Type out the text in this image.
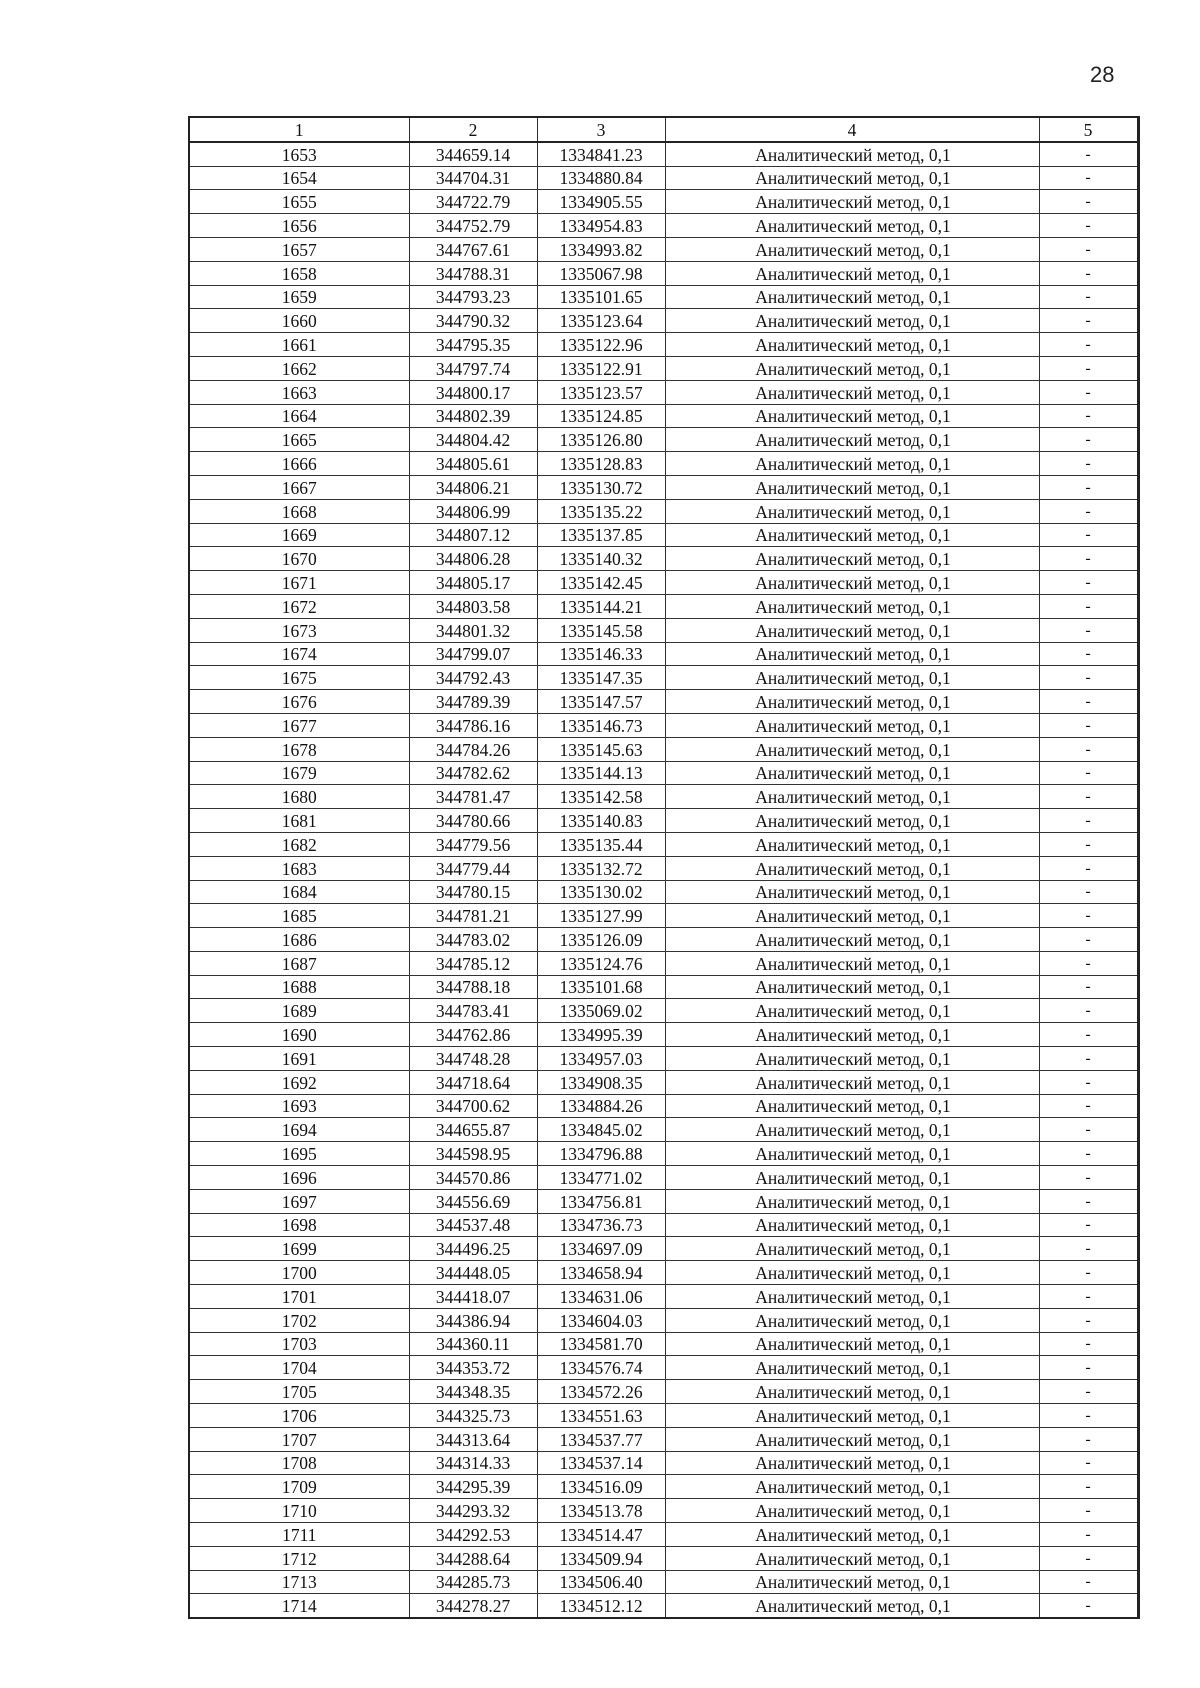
28
1	2	3	4	5
1653	344659.14	1334841.23	Аналитический метод, 0,1	-
1654	344704.31	1334880.84	Аналитический метод, 0,1	-
1655	344722.79	1334905.55	Аналитический метод, 0,1	-
1656	344752.79	1334954.83	Аналитический метод, 0,1	-
1657	344767.61	1334993.82	Аналитический метод, 0,1	-
1658	344788.31	1335067.98	Аналитический метод, 0,1	-
1659	344793.23	1335101.65	Аналитический метод, 0,1	-
1660	344790.32	1335123.64	Аналитический метод, 0,1	-
1661	344795.35	1335122.96	Аналитический метод, 0,1	-
1662	344797.74	1335122.91	Аналитический метод, 0,1	-
1663	344800.17	1335123.57	Аналитический метод, 0,1	-
1664	344802.39	1335124.85	Аналитический метод, 0,1	-
1665	344804.42	1335126.80	Аналитический метод, 0,1	-
1666	344805.61	1335128.83	Аналитический метод, 0,1	-
1667	344806.21	1335130.72	Аналитический метод, 0,1	-
1668	344806.99	1335135.22	Аналитический метод, 0,1	-
1669	344807.12	1335137.85	Аналитический метод, 0,1	-
1670	344806.28	1335140.32	Аналитический метод, 0,1	-
1671	344805.17	1335142.45	Аналитический метод, 0,1	-
1672	344803.58	1335144.21	Аналитический метод, 0,1	-
1673	344801.32	1335145.58	Аналитический метод, 0,1	-
1674	344799.07	1335146.33	Аналитический метод, 0,1	-
1675	344792.43	1335147.35	Аналитический метод, 0,1	-
1676	344789.39	1335147.57	Аналитический метод, 0,1	-
1677	344786.16	1335146.73	Аналитический метод, 0,1	-
1678	344784.26	1335145.63	Аналитический метод, 0,1	-
1679	344782.62	1335144.13	Аналитический метод, 0,1	-
1680	344781.47	1335142.58	Аналитический метод, 0,1	-
1681	344780.66	1335140.83	Аналитический метод, 0,1	-
1682	344779.56	1335135.44	Аналитический метод, 0,1	-
1683	344779.44	1335132.72	Аналитический метод, 0,1	-
1684	344780.15	1335130.02	Аналитический метод, 0,1	-
1685	344781.21	1335127.99	Аналитический метод, 0,1	-
1686	344783.02	1335126.09	Аналитический метод, 0,1	-
1687	344785.12	1335124.76	Аналитический метод, 0,1	-
1688	344788.18	1335101.68	Аналитический метод, 0,1	-
1689	344783.41	1335069.02	Аналитический метод, 0,1	-
1690	344762.86	1334995.39	Аналитический метод, 0,1	-
1691	344748.28	1334957.03	Аналитический метод, 0,1	-
1692	344718.64	1334908.35	Аналитический метод, 0,1	-
1693	344700.62	1334884.26	Аналитический метод, 0,1	-
1694	344655.87	1334845.02	Аналитический метод, 0,1	-
1695	344598.95	1334796.88	Аналитический метод, 0,1	-
1696	344570.86	1334771.02	Аналитический метод, 0,1	-
1697	344556.69	1334756.81	Аналитический метод, 0,1	-
1698	344537.48	1334736.73	Аналитический метод, 0,1	-
1699	344496.25	1334697.09	Аналитический метод, 0,1	-
1700	344448.05	1334658.94	Аналитический метод, 0,1	-
1701	344418.07	1334631.06	Аналитический метод, 0,1	-
1702	344386.94	1334604.03	Аналитический метод, 0,1	-
1703	344360.11	1334581.70	Аналитический метод, 0,1	-
1704	344353.72	1334576.74	Аналитический метод, 0,1	-
1705	344348.35	1334572.26	Аналитический метод, 0,1	-
1706	344325.73	1334551.63	Аналитический метод, 0,1	-
1707	344313.64	1334537.77	Аналитический метод, 0,1	-
1708	344314.33	1334537.14	Аналитический метод, 0,1	-
1709	344295.39	1334516.09	Аналитический метод, 0,1	-
1710	344293.32	1334513.78	Аналитический метод, 0,1	-
1711	344292.53	1334514.47	Аналитический метод, 0,1	-
1712	344288.64	1334509.94	Аналитический метод, 0,1	-
1713	344285.73	1334506.40	Аналитический метод, 0,1	-
1714	344278.27	1334512.12	Аналитический метод, 0,1	-
